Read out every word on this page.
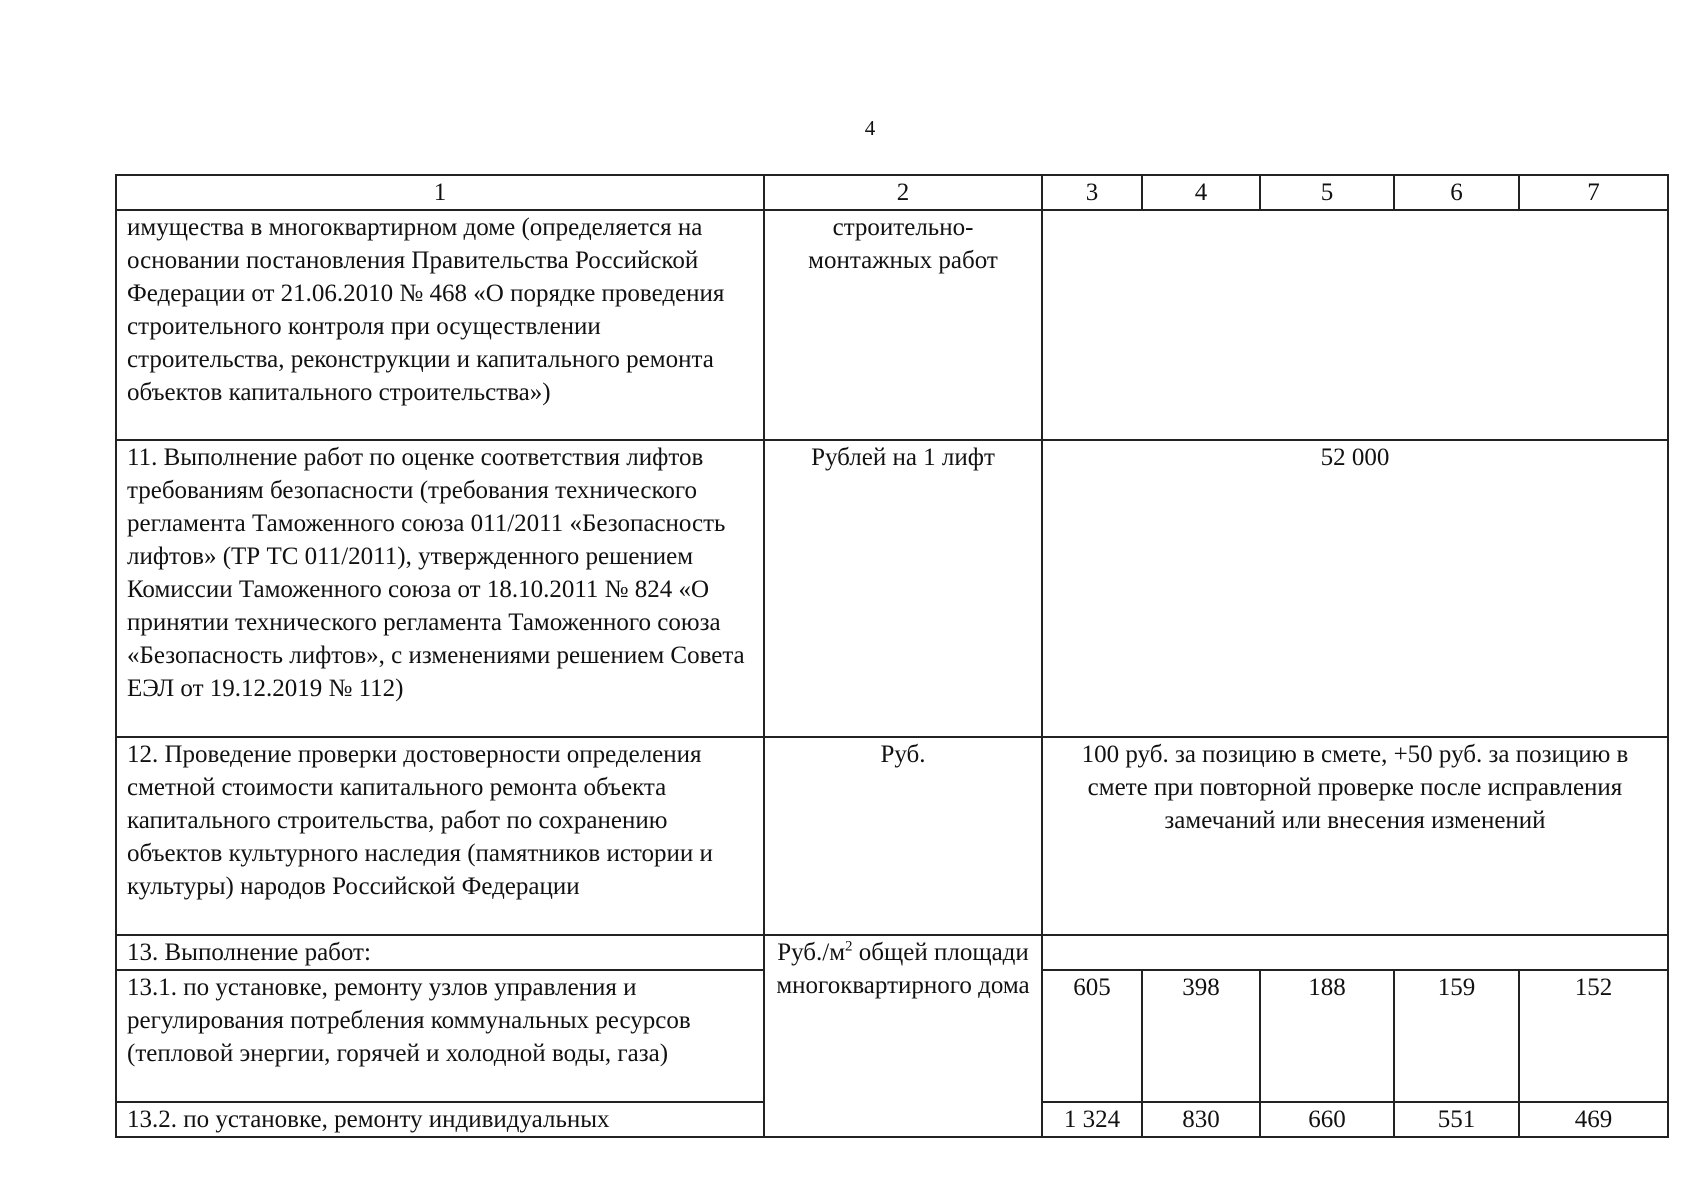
4
1	2	3	4	5	6	7
имущества в многоквартирном доме (определяется на основании постановления Правительства Российской Федерации от 21.06.2010 № 468 «О порядке проведения строительного контроля при осуществлении строительства, реконструкции и капитального ремонта объектов капитального строительства»)	строительно-монтажных работ					
11. Выполнение работ по оценке соответствия лифтов требованиям безопасности (требования технического регламента Таможенного союза 011/2011 «Безопасность лифтов» (ТР ТС 011/2011), утвержденного решением Комиссии Таможенного союза от 18.10.2011 № 824 «О принятии технического регламента Таможенного союза «Безопасность лифтов», с изменениями решением Совета ЕЭЛ от 19.12.2019 № 112)	Рублей на 1 лифт	52 000				
12. Проведение проверки достоверности определения сметной стоимости капитального ремонта объекта капитального строительства, работ по сохранению объектов культурного наследия (памятников истории и культуры) народов Российской Федерации	Руб.	100 руб. за позицию в смете, +50 руб. за позицию в смете при повторной проверке после исправления замечаний или внесения изменений				
13. Выполнение работ:	$Руб./м^2$ общей площади многоквартирного дома					
13.1. по установке, ремонту узлов управления и регулирования потребления коммунальных ресурсов (тепловой энергии, горячей и холодной воды, газа)		605	398	188	159	152
13.2. по установке, ремонту индивидуальных		1 324	830	660	551	469
